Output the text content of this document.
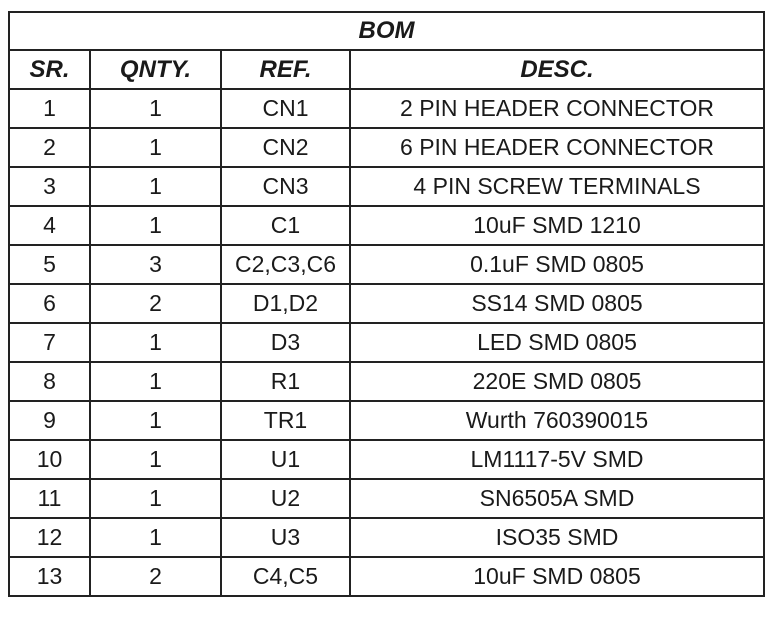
BOM			
SR.	QNTY.	REF.	DESC.
1	1	CN1	2 PIN HEADER CONNECTOR
2	1	CN2	6 PIN HEADER CONNECTOR
3	1	CN3	4 PIN SCREW TERMINALS
4	1	C1	10uF SMD 1210
5	3	C2,C3,C6	0.1uF SMD 0805
6	2	D1,D2	SS14 SMD 0805
7	1	D3	LED SMD 0805
8	1	R1	220E SMD 0805
9	1	TR1	Wurth 760390015
10	1	U1	LM1117-5V SMD
11	1	U2	SN6505A SMD
12	1	U3	ISO35 SMD
13	2	C4,C5	10uF SMD 0805
